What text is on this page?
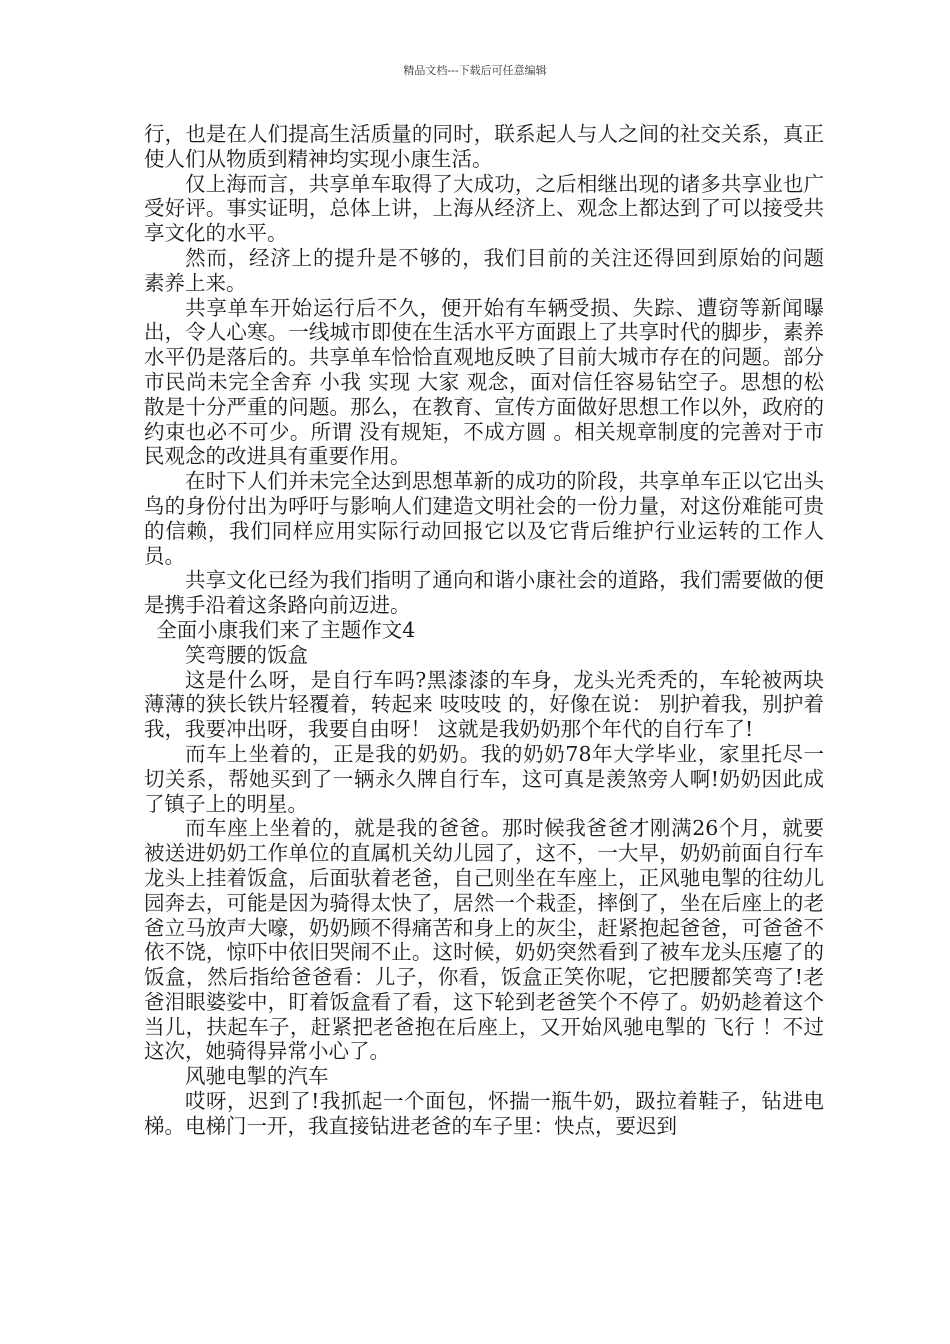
精品文档---下载后可任意编辑

行，也是在人们提高生活质量的同时，联系起人与人之间的社交关系，真正使人们从物质到精神均实现小康生活。

仅上海而言，共享单车取得了大成功，之后相继出现的诸多共享业也广受好评。事实证明，总体上讲，上海从经济上、观念上都达到了可以接受共享文化的水平。

然而，经济上的提升是不够的，我们目前的关注还得回到原始的问题 素养上来。

共享单车开始运行后不久，便开始有车辆受损、失踪、遭窃等新闻曝出，令人心寒。一线城市即使在生活水平方面跟上了共享时代的脚步，素养水平仍是落后的。共享单车恰恰直观地反映了目前大城市存在的问题。部分市民尚未完全舍弃 小我 实现 大家 观念，面对信任容易钻空子。思想的松散是十分严重的问题。那么，在教育、宣传方面做好思想工作以外，政府的约束也必不可少。所谓 没有规矩，不成方圆 。相关规章制度的完善对于市民观念的改进具有重要作用。

在时下人们并未完全达到思想革新的成功的阶段，共享单车正以它出头鸟的身份付出为呼吁与影响人们建造文明社会的一份力量，对这份难能可贵的信赖，我们同样应用实际行动回报它以及它背后维护行业运转的工作人员。

共享文化已经为我们指明了通向和谐小康社会的道路，我们需要做的便是携手沿着这条路向前迈进。

全面小康我们来了主题作文4

笑弯腰的饭盒

这是什么呀，是自行车吗?黑漆漆的车身，龙头光秃秃的，车轮被两块薄薄的狭长铁片轻覆着，转起来 吱吱吱 的，好像在说： 别护着我，别护着我，我要冲出呀，我要自由呀！ 这就是我奶奶那个年代的自行车了!

而车上坐着的，正是我的奶奶。我的奶奶78年大学毕业，家里托尽一切关系，帮她买到了一辆永久牌自行车，这可真是羡煞旁人啊!奶奶因此成了镇子上的明星。

而车座上坐着的，就是我的爸爸。那时候我爸爸才刚满26个月，就要被送进奶奶工作单位的直属机关幼儿园了，这不，一大早，奶奶前面自行车龙头上挂着饭盒，后面驮着老爸，自己则坐在车座上，正风驰电掣的往幼儿园奔去，可能是因为骑得太快了，居然一个栽歪，摔倒了，坐在后座上的老爸立马放声大嚎，奶奶顾不得痛苦和身上的灰尘，赶紧抱起爸爸，可爸爸不依不饶，惊吓中依旧哭闹不止。这时候，奶奶突然看到了被车龙头压瘪了的饭盒，然后指给爸爸看：儿子，你看，饭盒正笑你呢，它把腰都笑弯了!老爸泪眼婆娑中，盯着饭盒看了看，这下轮到老爸笑个不停了。奶奶趁着这个当儿，扶起车子，赶紧把老爸抱在后座上，又开始风驰电掣的 飞行 ！不过这次，她骑得异常小心了。

风驰电掣的汽车

哎呀，迟到了!我抓起一个面包，怀揣一瓶牛奶，趿拉着鞋子，钻进电梯。电梯门一开，我直接钻进老爸的车子里：快点，要迟到
